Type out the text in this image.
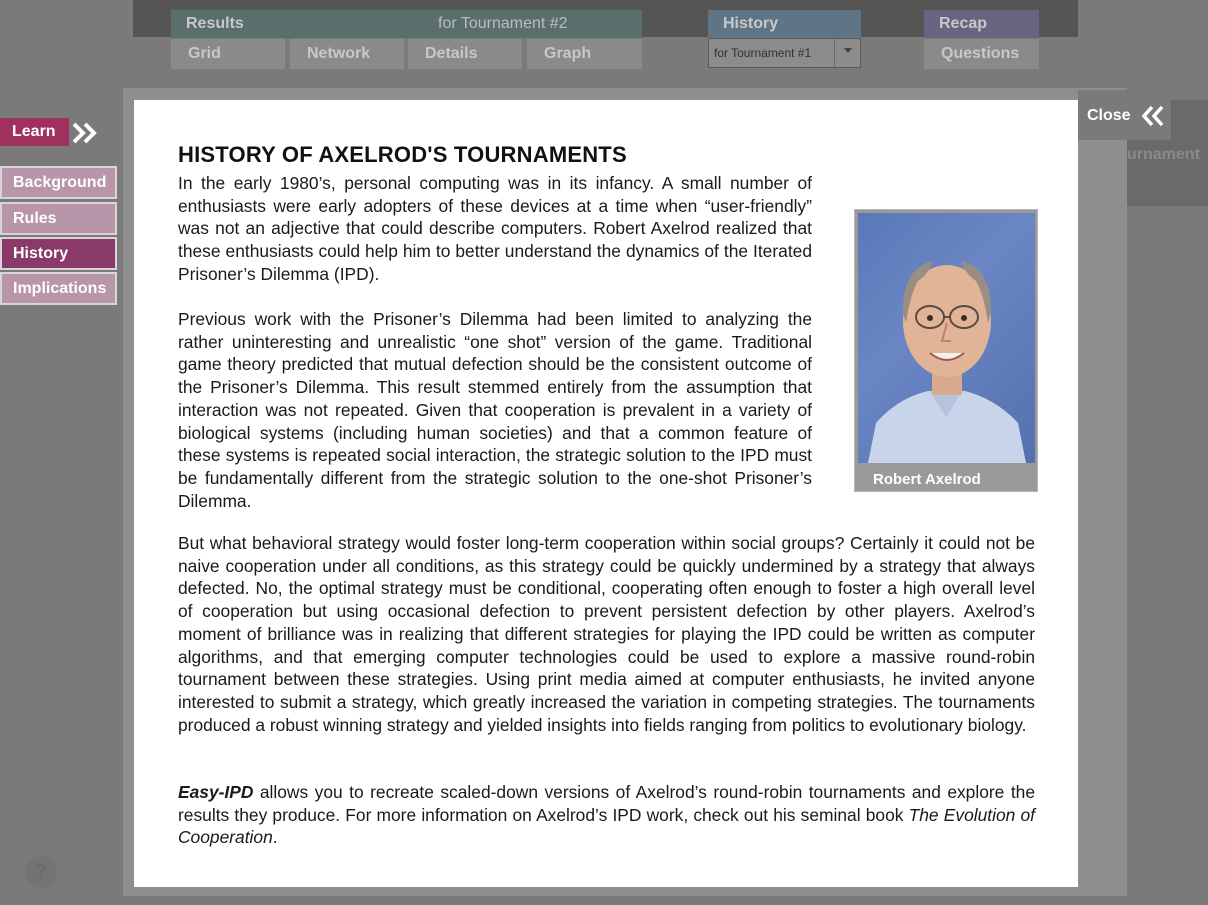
Results	for Tournament #2
Grid	Network	Details	Graph
History
for Tournament #1
Recap
Questions
urnament
?
Learn
Background
Rules
History
Implications
Close
HISTORY OF AXELROD'S TOURNAMENTS

In the early 1980’s, personal computing was in its infancy. A small number of enthusiasts were early adopters of these devices at a time when “user-friendly” was not an adjective that could describe computers. Robert Axelrod realized that these enthusiasts could help him to better understand the dynamics of the Iterated Prisoner’s Dilemma (IPD).

Previous work with the Prisoner’s Dilemma had been limited to analyzing the rather uninteresting and unrealistic “one shot” version of the game. Traditional game theory predicted that mutual defection should be the consistent outcome of the Prisoner’s Dilemma. This result stemmed entirely from the assumption that interaction was not repeated. Given that cooperation is prevalent in a variety of biological systems (including human societies) and that a common feature of these systems is repeated social interaction, the strategic solution to the IPD must be fundamentally different from the strategic solution to the one-shot Prisoner’s Dilemma.

But what behavioral strategy would foster long-term cooperation within social groups? Certainly it could not be naive cooperation under all conditions, as this strategy could be quickly undermined by a strategy that always defected. No, the optimal strategy must be conditional, cooperating often enough to foster a high overall level of cooperation but using occasional defection to prevent persistent defection by other players. Axelrod’s moment of brilliance was in realizing that different strategies for playing the IPD could be written as computer algorithms, and that emerging computer technologies could be used to explore a massive round-robin tournament between these strategies. Using print media aimed at computer enthusiasts, he invited anyone interested to submit a strategy, which greatly increased the variation in competing strategies. The tournaments produced a robust winning strategy and yielded insights into fields ranging from politics to evolutionary biology.

Easy-IPD allows you to recreate scaled-down versions of Axelrod’s round-robin tournaments and explore the results they produce. For more information on Axelrod’s IPD work, check out his seminal book The Evolution of Cooperation.

Robert Axelrod
